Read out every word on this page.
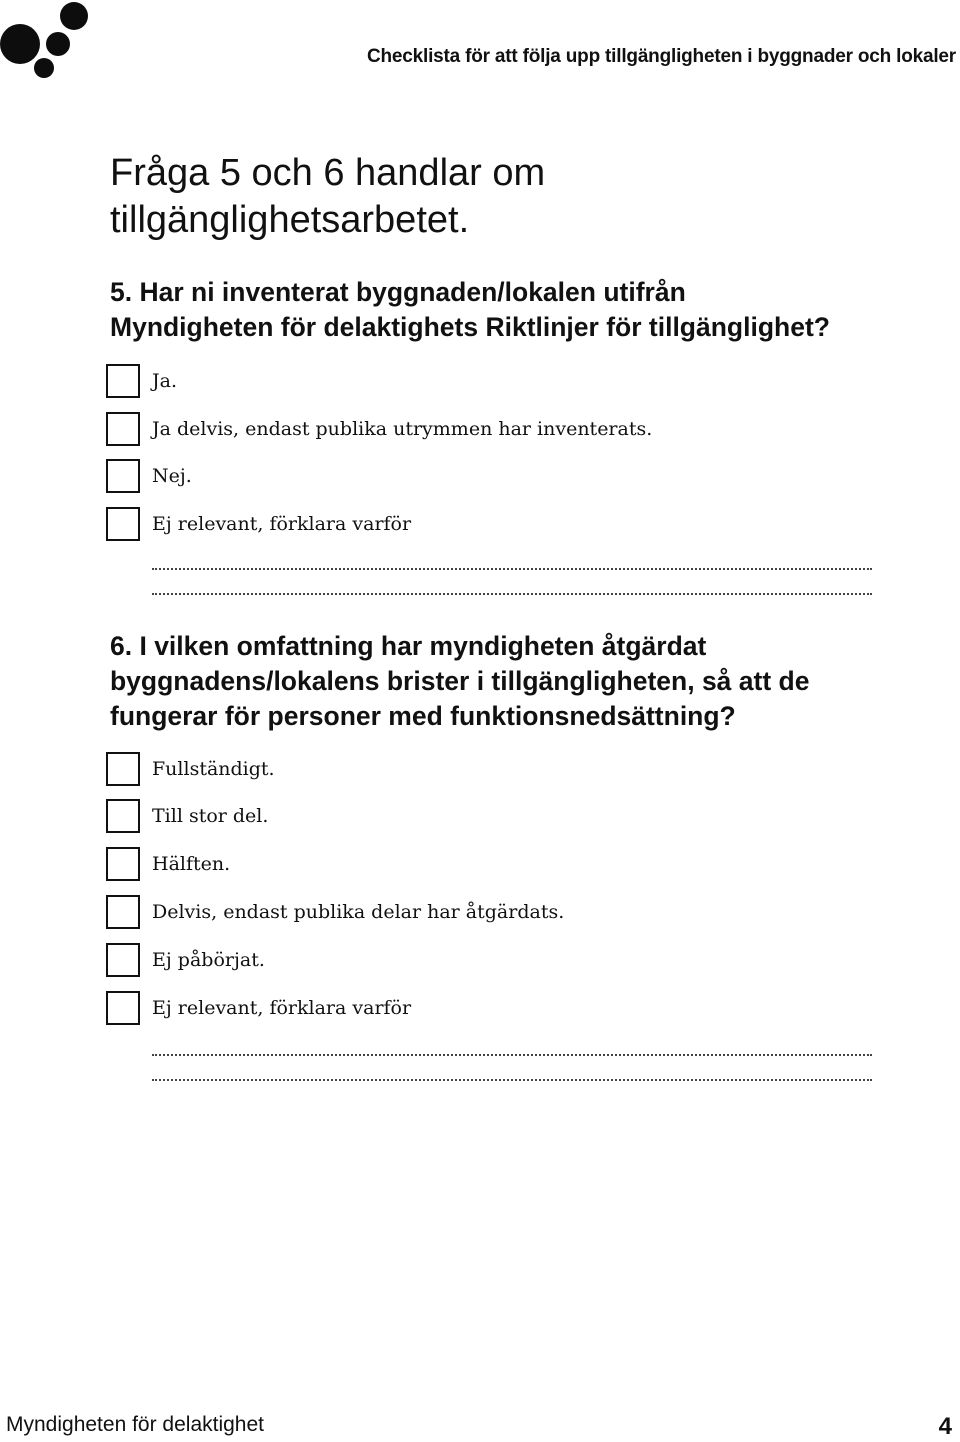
Checklista för att följa upp tillgängligheten i byggnader och lokaler
Fråga 5 och 6 handlar om
tillgänglighetsarbetet.
5. Har ni inventerat byggnaden/lokalen utifrån
Myndigheten för delaktighets Riktlinjer för tillgänglighet?
Ja.
Ja delvis, endast publika utrymmen har inventerats.
Nej.
Ej relevant, förklara varför
6. I vilken omfattning har myndigheten åtgärdat
byggnadens/lokalens brister i tillgängligheten, så att de
fungerar för personer med funktionsnedsättning?
Fullständigt.
Till stor del.
Hälften.
Delvis, endast publika delar har åtgärdats.
Ej påbörjat.
Ej relevant, förklara varför
Myndigheten för delaktighet	4
